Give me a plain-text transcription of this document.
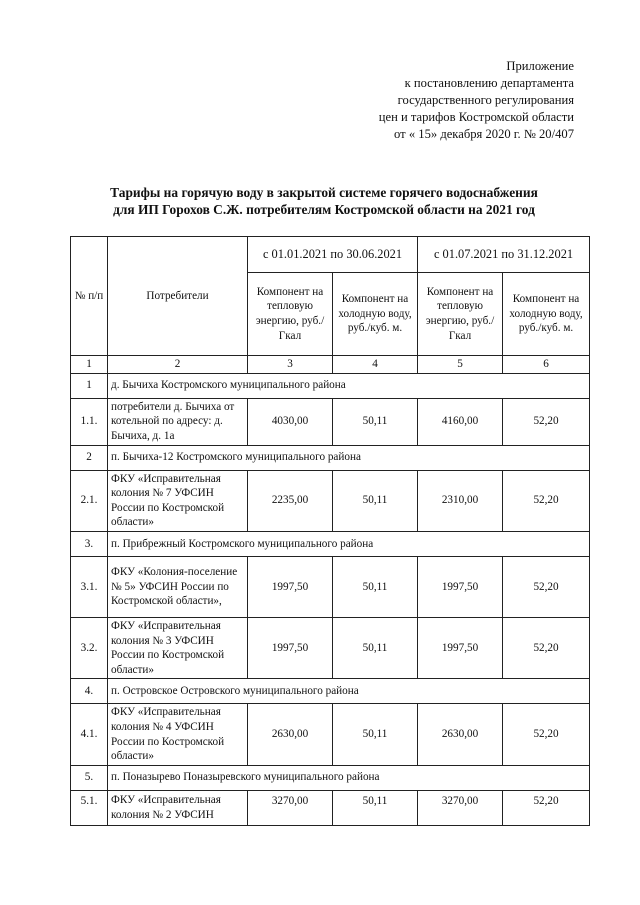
Приложение
к постановлению департамента
государственного регулирования
цен и тарифов Костромской области
от « 15» декабря 2020 г. № 20/407
Тарифы на горячую воду в закрытой системе горячего водоснабжения
для ИП Горохов С.Ж. потребителям Костромской области на 2021 год
№ п/п	Потребители	с 01.01.2021 по 30.06.2021		с 01.07.2021 по 31.12.2021	
		Компонент на тепловую энергию, руб./Гкал	Компонент на холодную воду, руб./куб. м.	Компонент на тепловую энергию, руб./Гкал	Компонент на холодную воду, руб./куб. м.
1	2	3	4	5	6
1	д. Бычиха Костромского муниципального района				
1.1.	потребители д. Бычиха от котельной по адресу: д. Бычиха, д. 1а	4030,00	50,11	4160,00	52,20
2	п. Бычиха-12 Костромского муниципального района				
2.1.	ФКУ «Исправительная колония № 7 УФСИН России по Костромской области»	2235,00	50,11	2310,00	52,20
3.	п. Прибрежный Костромского муниципального района				
3.1.	ФКУ «Колония-поселение № 5» УФСИН России по Костромской области»,	1997,50	50,11	1997,50	52,20
3.2.	ФКУ «Исправительная колония № 3 УФСИН России по Костромской области»	1997,50	50,11	1997,50	52,20
4.	п. Островское Островского муниципального района				
4.1.	ФКУ «Исправительная колония № 4 УФСИН России по Костромской области»	2630,00	50,11	2630,00	52,20
5.	п. Поназырево Поназыревского муниципального района				
5.1.	ФКУ «Исправительная колония № 2 УФСИН	3270,00	50,11	3270,00	52,20
